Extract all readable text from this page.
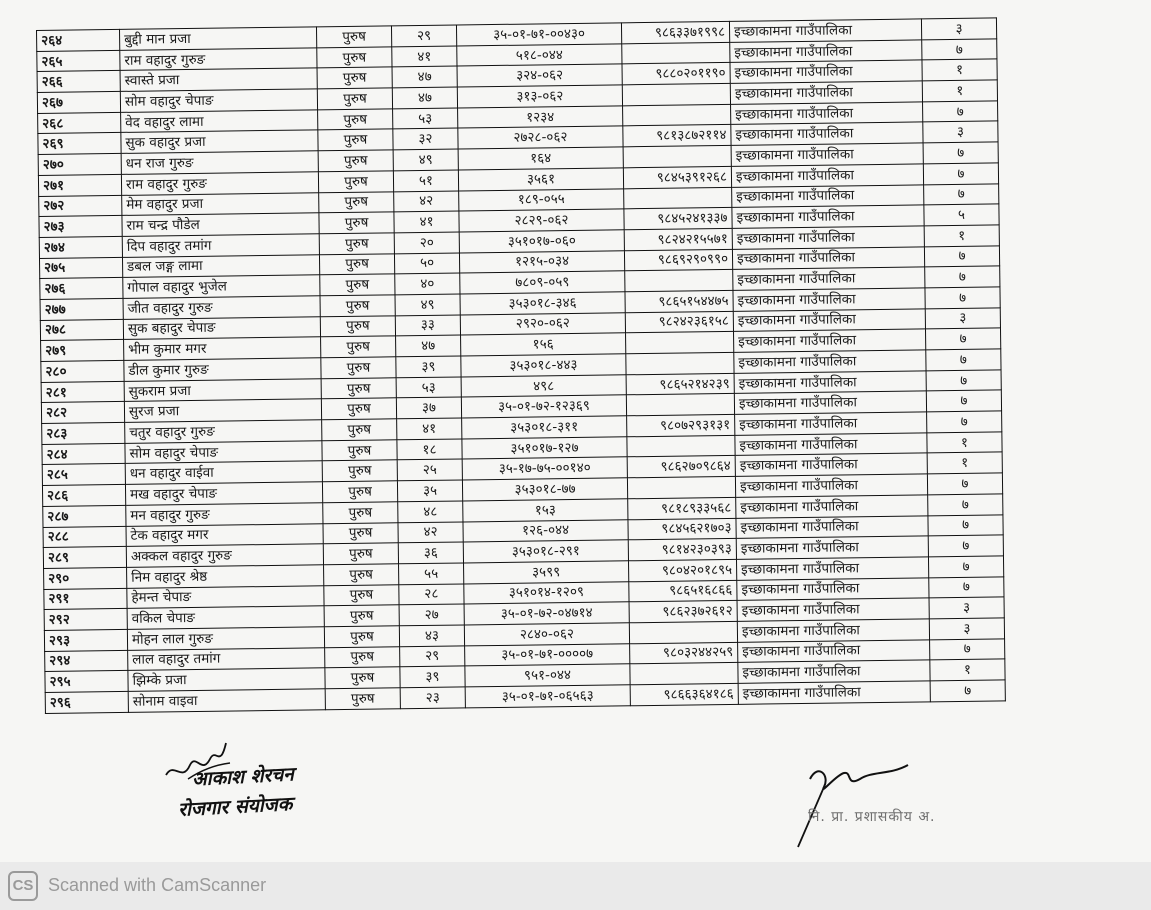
२६४	बुद्दी मान प्रजा	पुरुष	२९	३५-०१-७१-००४३०	९८६३३७१९९८	इच्छाकामना गाउँपालिका	३
२६५	राम वहादुर गुरुङ	पुरुष	४१	५१८-०४४		इच्छाकामना गाउँपालिका	७
२६६	स्वास्ते प्रजा	पुरुष	४७	३२४-०६२	९८८०२०११९०	इच्छाकामना गाउँपालिका	१
२६७	सोम वहादुर चेपाङ	पुरुष	४७	३१३-०६२		इच्छाकामना गाउँपालिका	१
२६८	वेद वहादुर लामा	पुरुष	५३	१२३४		इच्छाकामना गाउँपालिका	७
२६९	सुक वहादुर प्रजा	पुरुष	३२	२७२८-०६२	९८१३८७२११४	इच्छाकामना गाउँपालिका	३
२७०	धन राज गुरुङ	पुरुष	४९	१६४		इच्छाकामना गाउँपालिका	७
२७१	राम वहादुर गुरुङ	पुरुष	५१	३५६१	९८४५३९१२६८	इच्छाकामना गाउँपालिका	७
२७२	मेम वहादुर प्रजा	पुरुष	४२	१८९-०५५		इच्छाकामना गाउँपालिका	७
२७३	राम चन्द्र पौडेल	पुरुष	४१	२८२९-०६२	९८४५२४१३३७	इच्छाकामना गाउँपालिका	५
२७४	दिप वहादुर तमांग	पुरुष	२०	३५१०१७-०६०	९८२४२१५५७१	इच्छाकामना गाउँपालिका	१
२७५	डबल जङ्ग लामा	पुरुष	५०	१२१५-०३४	९८६९२९०९९०	इच्छाकामना गाउँपालिका	७
२७६	गोपाल वहादुर भुजेल	पुरुष	४०	७८०९-०५९		इच्छाकामना गाउँपालिका	७
२७७	जीत वहादुर गुरुङ	पुरुष	४९	३५३०१८-३४६	९८६५१५४४७५	इच्छाकामना गाउँपालिका	७
२७८	सुक बहादुर चेपाङ	पुरुष	३३	२९२०-०६२	९८२४२३६१५८	इच्छाकामना गाउँपालिका	३
२७९	भीम कुमार मगर	पुरुष	४७	१५६		इच्छाकामना गाउँपालिका	७
२८०	डील कुमार गुरुङ	पुरुष	३९	३५३०१८-४४३		इच्छाकामना गाउँपालिका	७
२८१	सुकराम प्रजा	पुरुष	५३	४९८	९८६५२१४२३९	इच्छाकामना गाउँपालिका	७
२८२	सुरज प्रजा	पुरुष	३७	३५-०१-७२-१२३६९		इच्छाकामना गाउँपालिका	७
२८३	चतुर वहादुर गुरुङ	पुरुष	४१	३५३०१८-३११	९८०७२९३१३१	इच्छाकामना गाउँपालिका	७
२८४	सोम वहादुर चेपाङ	पुरुष	१८	३५१०१७-१२७		इच्छाकामना गाउँपालिका	१
२८५	धन वहादुर वाईवा	पुरुष	२५	३५-१७-७५-००१४०	९८६२७०९८६४	इच्छाकामना गाउँपालिका	१
२८६	मख वहादुर चेपाङ	पुरुष	३५	३५३०१८-७७		इच्छाकामना गाउँपालिका	७
२८७	मन वहादुर गुरुङ	पुरुष	४८	१५३	९८१८९३३५६८	इच्छाकामना गाउँपालिका	७
२८८	टेक वहादुर मगर	पुरुष	४२	१२६-०४४	९८४५६२१७०३	इच्छाकामना गाउँपालिका	७
२८९	अक्कल वहादुर गुरुङ	पुरुष	३६	३५३०१८-२९१	९८१४२३०३९३	इच्छाकामना गाउँपालिका	७
२९०	निम वहादुर श्रेष्ठ	पुरुष	५५	३५९९	९८०४२०१८९५	इच्छाकामना गाउँपालिका	७
२९१	हेमन्त चेपाङ	पुरुष	२८	३५१०१४-१२०९	९८६५१६८६६	इच्छाकामना गाउँपालिका	७
२९२	वकिल चेपाङ	पुरुष	२७	३५-०१-७२-०४७१४	९८६२३७२६१२	इच्छाकामना गाउँपालिका	३
२९३	मोहन लाल गुरुङ	पुरुष	४३	२८४०-०६२		इच्छाकामना गाउँपालिका	३
२९४	लाल वहादुर तमांग	पुरुष	२९	३५-०१-७१-००००७	९८०३२४४२५९	इच्छाकामना गाउँपालिका	७
२९५	झिम्के प्रजा	पुरुष	३९	९५१-०४४		इच्छाकामना गाउँपालिका	१
२९६	सोनाम वाइवा	पुरुष	२३	३५-०१-७१-०६५६३	९८६६३६४१८६	इच्छाकामना गाउँपालिका	७
आकाश शेरचन
रोजगार संयोजक	नि. प्रा. प्रशासकीय अ.
CS Scanned with CamScanner
